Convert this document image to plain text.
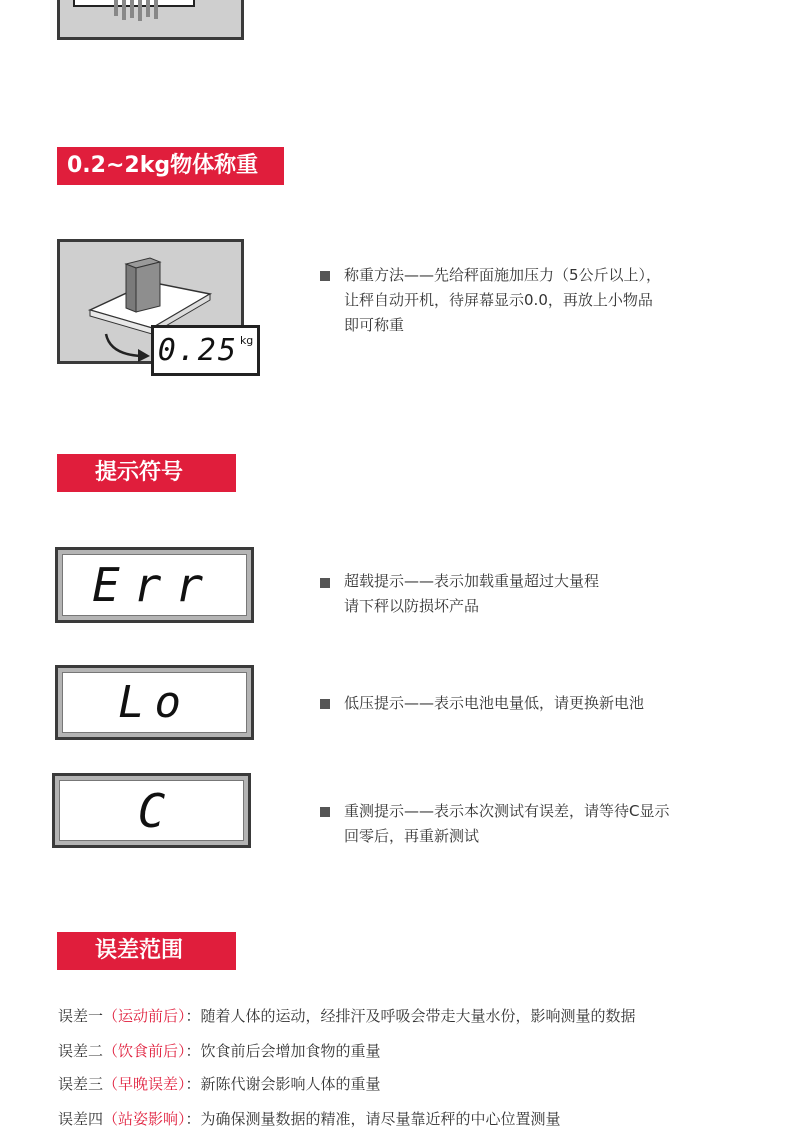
0.2~2kg物体称重
0.25 kg
称重方法——先给秤面施加压力（5公斤以上），
让秤自动开机，待屏幕显示0.0，再放上小物品
即可称重
提示符号
Err	超载提示——表示加载重量超过大量程
请下秤以防损坏产品
Lo	低压提示——表示电池电量低，请更换新电池
C	重测提示——表示本次测试有误差，请等待C显示
回零后，再重新测试
误差范围
误差一（运动前后）：随着人体的运动，经排汗及呼吸会带走大量水份，影响测量的数据
误差二（饮食前后）：饮食前后会增加食物的重量
误差三（早晚误差）：新陈代谢会影响人体的重量
误差四（站姿影响）：为确保测量数据的精准，请尽量靠近秤的中心位置测量
